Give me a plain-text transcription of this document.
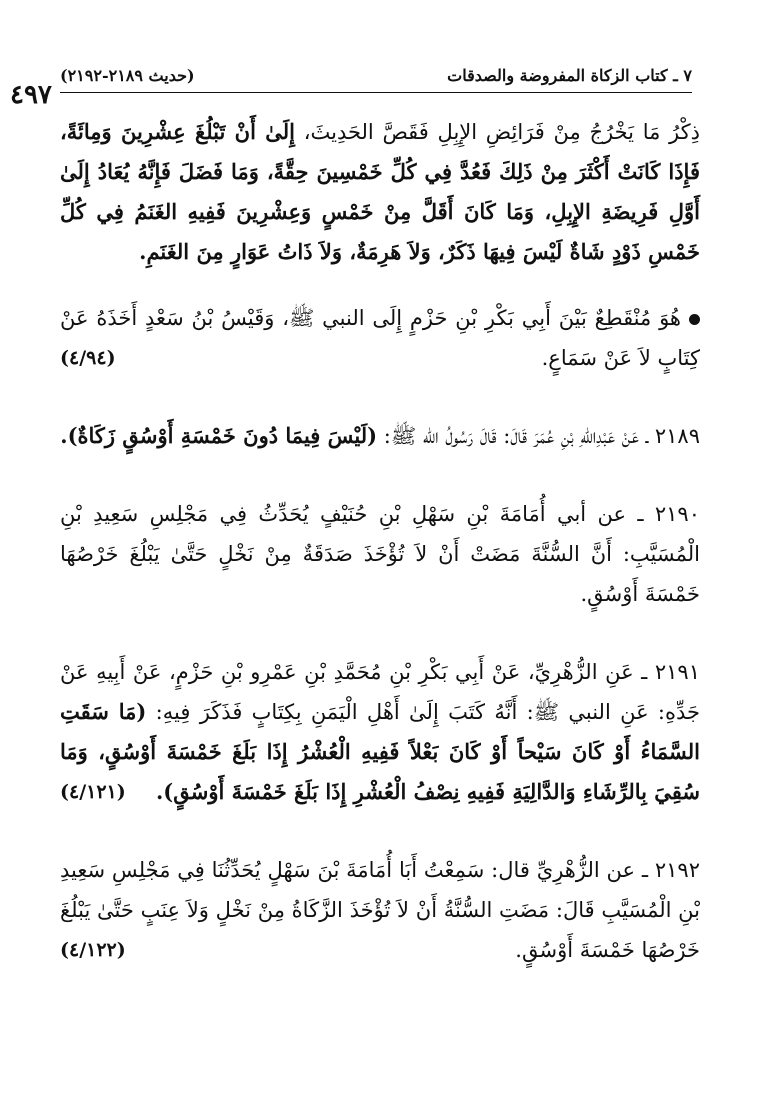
٤٩٧
٧ ـ كتاب الزكاة المفروضة والصدقات
(حديث ٢١٨٩-٢١٩٢)

ذِكْرُ مَا يَخْرُجُ مِنْ فَرَائِضِ الإِبِلِ فَقَصَّ الحَدِيثَ، إِلَىٰ أَنْ تَبْلُغَ عِشْرِينَ وَمِائَةً، فَإِذَا كَانَتْ أَكْثَرَ مِنْ ذَلِكَ فَعُدَّ فِي كُلِّ خَمْسِينَ حِقَّةً، وَمَا فَضَلَ فَإِنَّهُ يُعَادُ إِلَىٰ أَوَّلِ فَرِيضَةِ الإِبِلِ، وَمَا كَانَ أَقَلَّ مِنْ خَمْسٍ وَعِشْرِينَ فَفِيهِ الغَنَمُ فِي كُلِّ خَمْسِ ذَوْدٍ شَاةٌ لَيْسَ فِيهَا ذَكَرٌ، وَلاَ هَرِمَةٌ، وَلاَ ذَاتُ عَوَارٍ مِنَ الغَنَمِ.

هُوَ مُنْقَطِعٌ بَيْنَ أَبِي بَكْرِ بْنِ حَزْمٍ إِلَى النبي ﷺ، وَقَيْسُ بْنُ سَعْدٍ أَخَذَهُ عَنْ كِتَابٍ لاَ عَنْ سَمَاعٍ.
(٤/٩٤)

٢١٨٩ ـ عَنْ عَبْدِاللهِ بْنِ عُمَرَ قَالَ: قَالَ رَسُولُ الله ﷺ: (لَيْسَ فِيمَا دُونَ خَمْسَةِ أَوْسُقٍ زَكَاةٌ).

٢١٩٠ ـ عن أبي أُمَامَةَ بْنِ سَهْلِ بْنِ حُنَيْفٍ يُحَدِّثُ فِي مَجْلِسِ سَعِيدِ بْنِ الْمُسَيَّبِ: أَنَّ السُّنَّةَ مَضَتْ أَنْ لاَ تُؤْخَذَ صَدَقَةٌ مِنْ نَخْلٍ حَتَّىٰ يَبْلُغَ خَرْصُهَا خَمْسَةَ أَوْسُقٍ.

٢١٩١ ـ عَنِ الزُّهْرِيِّ، عَنْ أَبِي بَكْرِ بْنِ مُحَمَّدِ بْنِ عَمْرِو بْنِ حَزْمٍ، عَنْ أَبِيهِ عَنْ جَدِّهِ: عَنِ النبي ﷺ: أَنَّهُ كَتَبَ إِلَىٰ أَهْلِ الْيَمَنِ بِكِتَابٍ فَذَكَرَ فِيهِ: (مَا سَقَتِ السَّمَاءُ أَوْ كَانَ سَيْحاً أَوْ كَانَ بَعْلاً فَفِيهِ الْعُشْرُ إِذَا بَلَغَ خَمْسَةَ أَوْسُقٍ، وَمَا سُقِيَ بِالرِّشَاءِ وَالدَّالِيَةِ فَفِيهِ نِصْفُ الْعُشْرِ إِذَا بَلَغَ خَمْسَةَ أَوْسُقٍ).
(٤/١٢١)

٢١٩٢ ـ عن الزُّهْرِيِّ قال: سَمِعْتُ أَبَا أُمَامَةَ بْنَ سَهْلٍ يُحَدِّثُنَا فِي مَجْلِسِ سَعِيدِ بْنِ الْمُسَيَّبِ قَالَ: مَضَتِ السُّنَّةُ أَنْ لاَ تُؤْخَذَ الزَّكَاةُ مِنْ نَخْلٍ وَلاَ عِنَبٍ حَتَّىٰ يَبْلُغَ خَرْصُهَا خَمْسَةَ أَوْسُقٍ.
(٤/١٢٢)
